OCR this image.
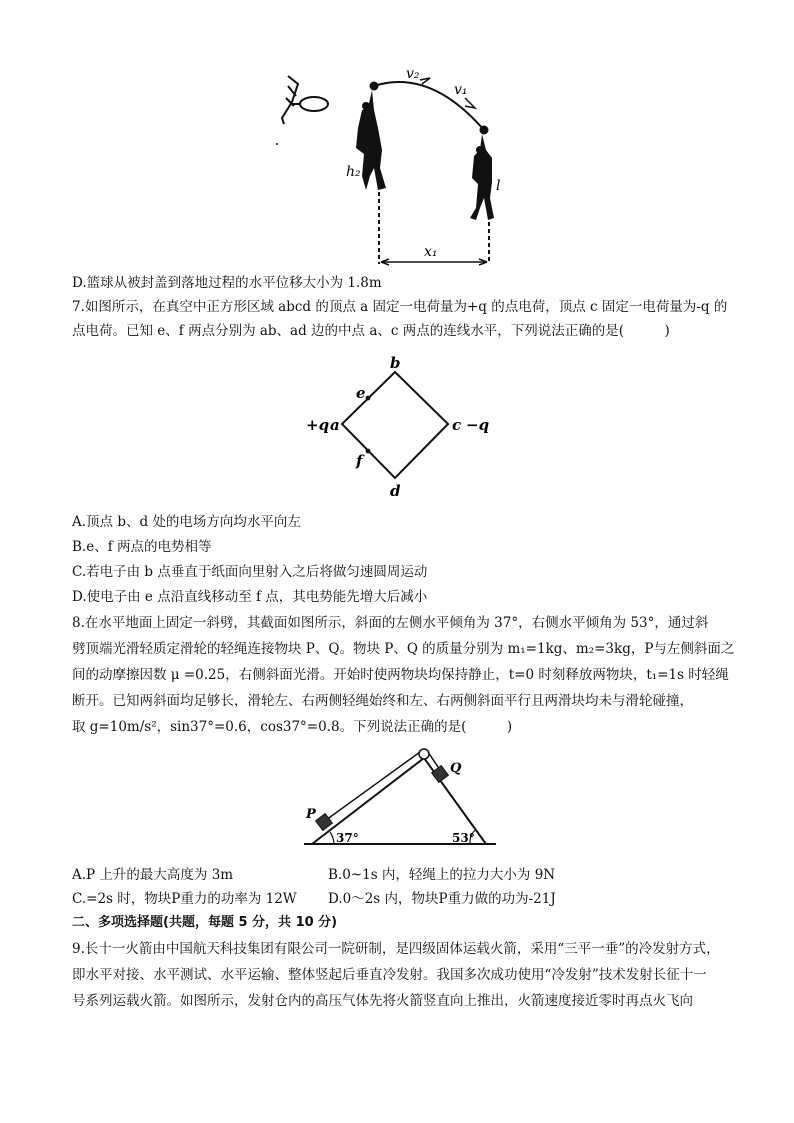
v₂
v₁
h₂
l
x₁
D.篮球从被封盖到落地过程的水平位移大小为 1.8m
7.如图所示，在真空中正方形区域 abcd 的顶点 a 固定一电荷量为+q 的点电荷，顶点 c 固定一电荷量为-q 的
点电荷。已知 e、f 两点分别为 ab、ad 边的中点 a、c 两点的连线水平，下列说法正确的是(　　　)
b
e
+q a	c −q
f
d
A.顶点 b、d 处的电场方向均水平向左
B.e、f 两点的电势相等
C.若电子由 b 点垂直于纸面向里射入之后将做匀速圆周运动
D.使电子由 e 点沿直线移动至 f 点，其电势能先增大后减小
8.在水平地面上固定一斜劈，其截面如图所示，斜面的左侧水平倾角为 37°，右侧水平倾角为 53°，通过斜
劈顶端光滑轻质定滑轮的轻绳连接物块 P、Q。物块 P、Q 的质量分别为 m₁=1kg、m₂=3kg，P与左侧斜面之
间的动摩擦因数 μ =0.25，右侧斜面光滑。开始时使两物块均保持静止，t=0 时刻释放两物块，t₁=1s 时轻绳
断开。已知两斜面均足够长，滑轮左、右两侧轻绳始终和左、右两侧斜面平行且两滑块均未与滑轮碰撞，
取 g=10m/s²，sin37°=0.6，cos37°=0.8。下列说法正确的是(　　　)
P
Q
37°	53°
A.P 上升的最大高度为 3m	B.0~1s 内，轻绳上的拉力大小为 9N
C.=2s 时，物块P重力的功率为 12W D.0～2s 内，物块P重力做的功为-21J
二、多项选择题(共题，每题 5 分，共 10 分)
9.长十一火箭由中国航天科技集团有限公司一院研制，是四级固体运载火箭，采用“三平一垂”的冷发射方式，
即水平对接、水平测试、水平运输、整体竖起后垂直冷发射。我国多次成功使用“冷发射”技术发射长征十一
号系列运载火箭。如图所示，发射仓内的高压气体先将火箭竖直向上推出，火箭速度接近零时再点火飞向
